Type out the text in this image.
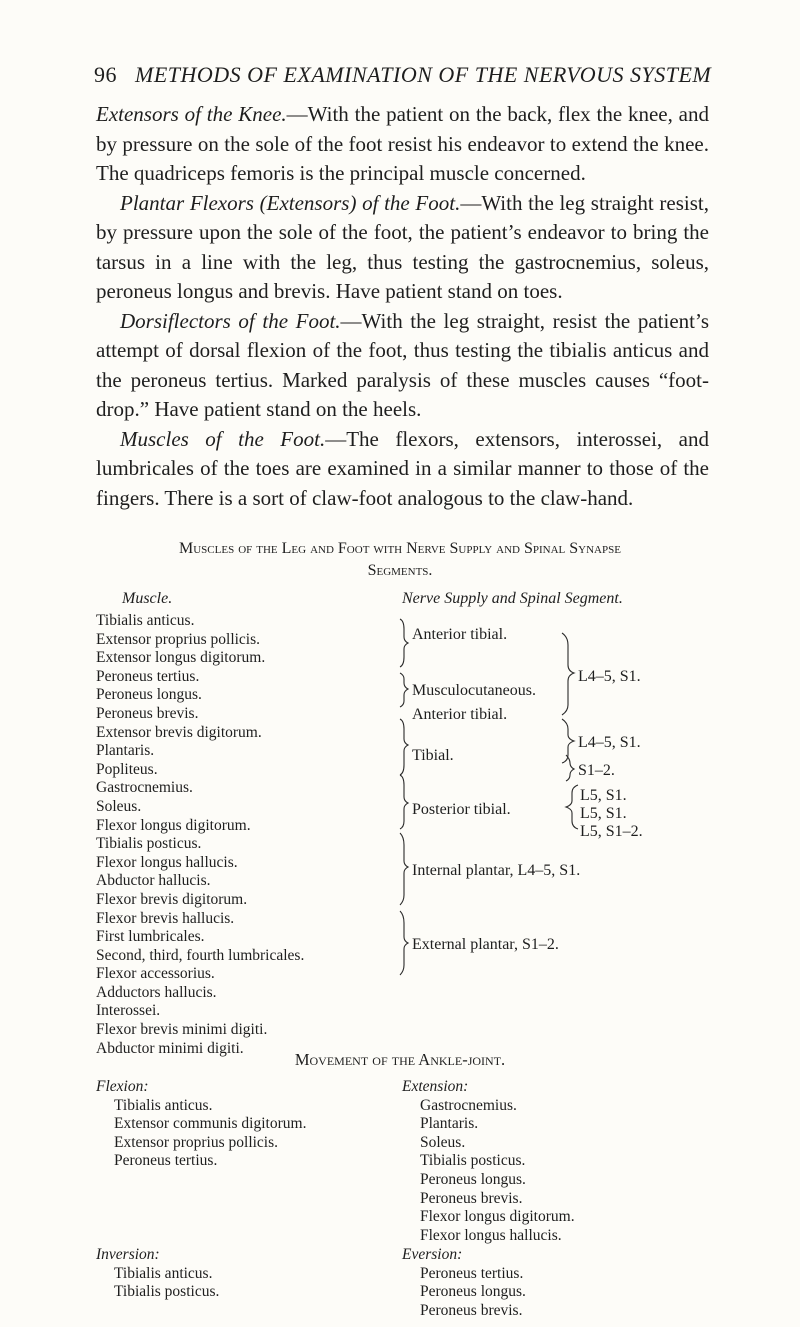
96 METHODS OF EXAMINATION OF THE NERVOUS SYSTEM

Extensors of the Knee.—With the patient on the back, flex the knee, and by pressure on the sole of the foot resist his endeavor to extend the knee. The quadriceps femoris is the principal muscle concerned.

Plantar Flexors (Extensors) of the Foot.—With the leg straight resist, by pressure upon the sole of the foot, the patient’s endeavor to bring the tarsus in a line with the leg, thus testing the gastrocnemius, soleus, peroneus longus and brevis. Have patient stand on toes.

Dorsiflectors of the Foot.—With the leg straight, resist the patient’s attempt of dorsal flexion of the foot, thus testing the tibialis anticus and the peroneus tertius. Marked paralysis of these muscles causes “foot-drop.” Have patient stand on the heels.

Muscles of the Foot.—The flexors, extensors, interossei, and lumbricales of the toes are examined in a similar manner to those of the fingers. There is a sort of claw-foot analogous to the claw-hand.

Muscles of the Leg and Foot with Nerve Supply and Spinal Synapse
Segments.
Muscle.	Nerve Supply and Spinal Segment.
Tibialis anticus.
Extensor proprius pollicis.
Extensor longus digitorum.
Peroneus tertius.
Peroneus longus.
Peroneus brevis.
Extensor brevis digitorum.
Plantaris.
Popliteus.
Gastrocnemius.
Soleus.
Flexor longus digitorum.
Tibialis posticus.
Flexor longus hallucis.
Abductor hallucis.
Flexor brevis digitorum.
Flexor brevis hallucis.
First lumbricales.
Second, third, fourth lumbricales.
Flexor accessorius.
Adductors hallucis.
Interossei.
Flexor brevis minimi digiti.
Abductor minimi digiti.
Anterior tibial.
Musculocutaneous.
Anterior tibial.
Tibial.
Posterior tibial.
Internal plantar, L4–5, S1.
External plantar, S1–2.
L4–5, S1.
L4–5, S1.
S1–2.
L5, S1.
L5, S1.
L5, S1–2.
Movement of the Ankle-joint.
Flexion:
Tibialis anticus.
Extensor communis digitorum.
Extensor proprius pollicis.
Peroneus tertius.
Extension:
Gastrocnemius.
Plantaris.
Soleus.
Tibialis posticus.
Peroneus longus.
Peroneus brevis.
Flexor longus digitorum.
Flexor longus hallucis.
Inversion:
Tibialis anticus.
Tibialis posticus.
Eversion:
Peroneus tertius.
Peroneus longus.
Peroneus brevis.
